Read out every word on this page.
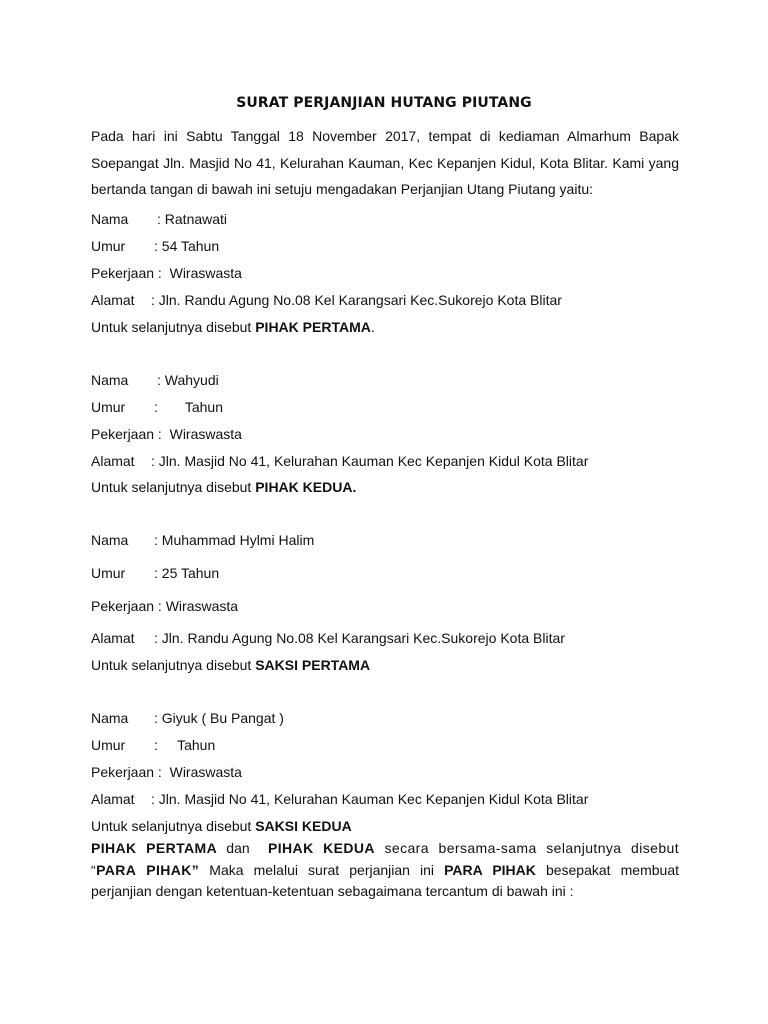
SURAT PERJANJIAN HUTANG PIUTANG
Pada hari ini Sabtu Tanggal 18 November 2017, tempat di kediaman Almarhum Bapak Soepangat Jln. Masjid No 41, Kelurahan Kauman, Kec Kepanjen Kidul, Kota Blitar. Kami yang bertanda tangan di bawah ini setuju mengadakan Perjanjian Utang Piutang yaitu:
Nama : Ratnawati
Umur : 54 Tahun
Pekerjaan : Wiraswasta
Alamat : Jln. Randu Agung No.08 Kel Karangsari Kec.Sukorejo Kota Blitar
Untuk selanjutnya disebut PIHAK PERTAMA.
Nama : Wahyudi
Umur :       Tahun
Pekerjaan : Wiraswasta
Alamat : Jln. Masjid No 41, Kelurahan Kauman Kec Kepanjen Kidul Kota Blitar
Untuk selanjutnya disebut PIHAK KEDUA.
Nama : Muhammad Hylmi Halim
Umur : 25 Tahun
Pekerjaan : Wiraswasta
Alamat : Jln. Randu Agung No.08 Kel Karangsari Kec.Sukorejo Kota Blitar
Untuk selanjutnya disebut SAKSI PERTAMA
Nama : Giyuk ( Bu Pangat )
Umur :     Tahun
Pekerjaan : Wiraswasta
Alamat : Jln. Masjid No 41, Kelurahan Kauman Kec Kepanjen Kidul Kota Blitar
Untuk selanjutnya disebut SAKSI KEDUA
PIHAK PERTAMA dan  PIHAK KEDUA secara bersama-sama selanjutnya disebut “PARA PIHAK” Maka melalui surat perjanjian ini PARA PIHAK besepakat membuat perjanjian dengan ketentuan-ketentuan sebagaimana tercantum di bawah ini :
